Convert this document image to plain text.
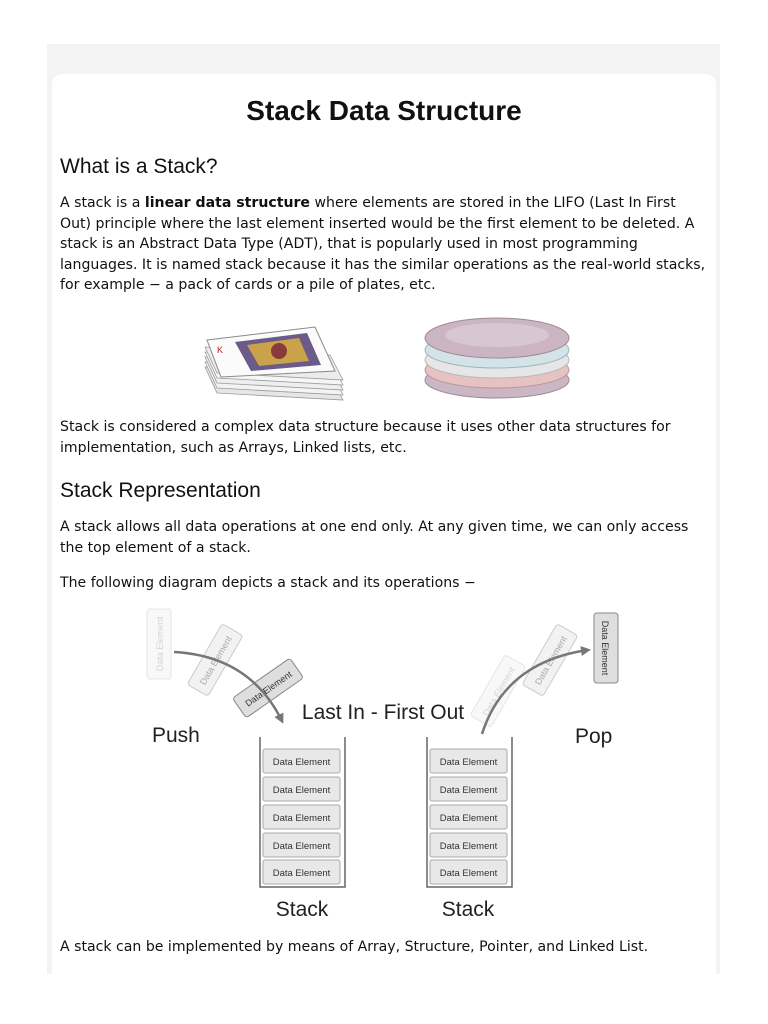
Stack Data Structure
What is a Stack?

A stack is a linear data structure where elements are stored in the LIFO (Last In First Out) principle where the last element inserted would be the first element to be deleted. A stack is an Abstract Data Type (ADT), that is popularly used in most programming languages. It is named stack because it has the similar operations as the real-world stacks, for example − a pack of cards or a pile of plates, etc.

K

Stack is considered a complex data structure because it uses other data structures for implementation, such as Arrays, Linked lists, etc.

Stack Representation

A stack allows all data operations at one end only. At any given time, we can only access the top element of a stack.

The following diagram depicts a stack and its operations −

Data Element	Data Element
Data Element	Data Element
Data Element	Data Element
Last In - First Out
Push	Pop
Data Element
Data Element
Data Element
Data Element
Data Element
Stack
Data Element
Data Element
Data Element
Data Element
Data Element
Stack

A stack can be implemented by means of Array, Structure, Pointer, and Linked List.
